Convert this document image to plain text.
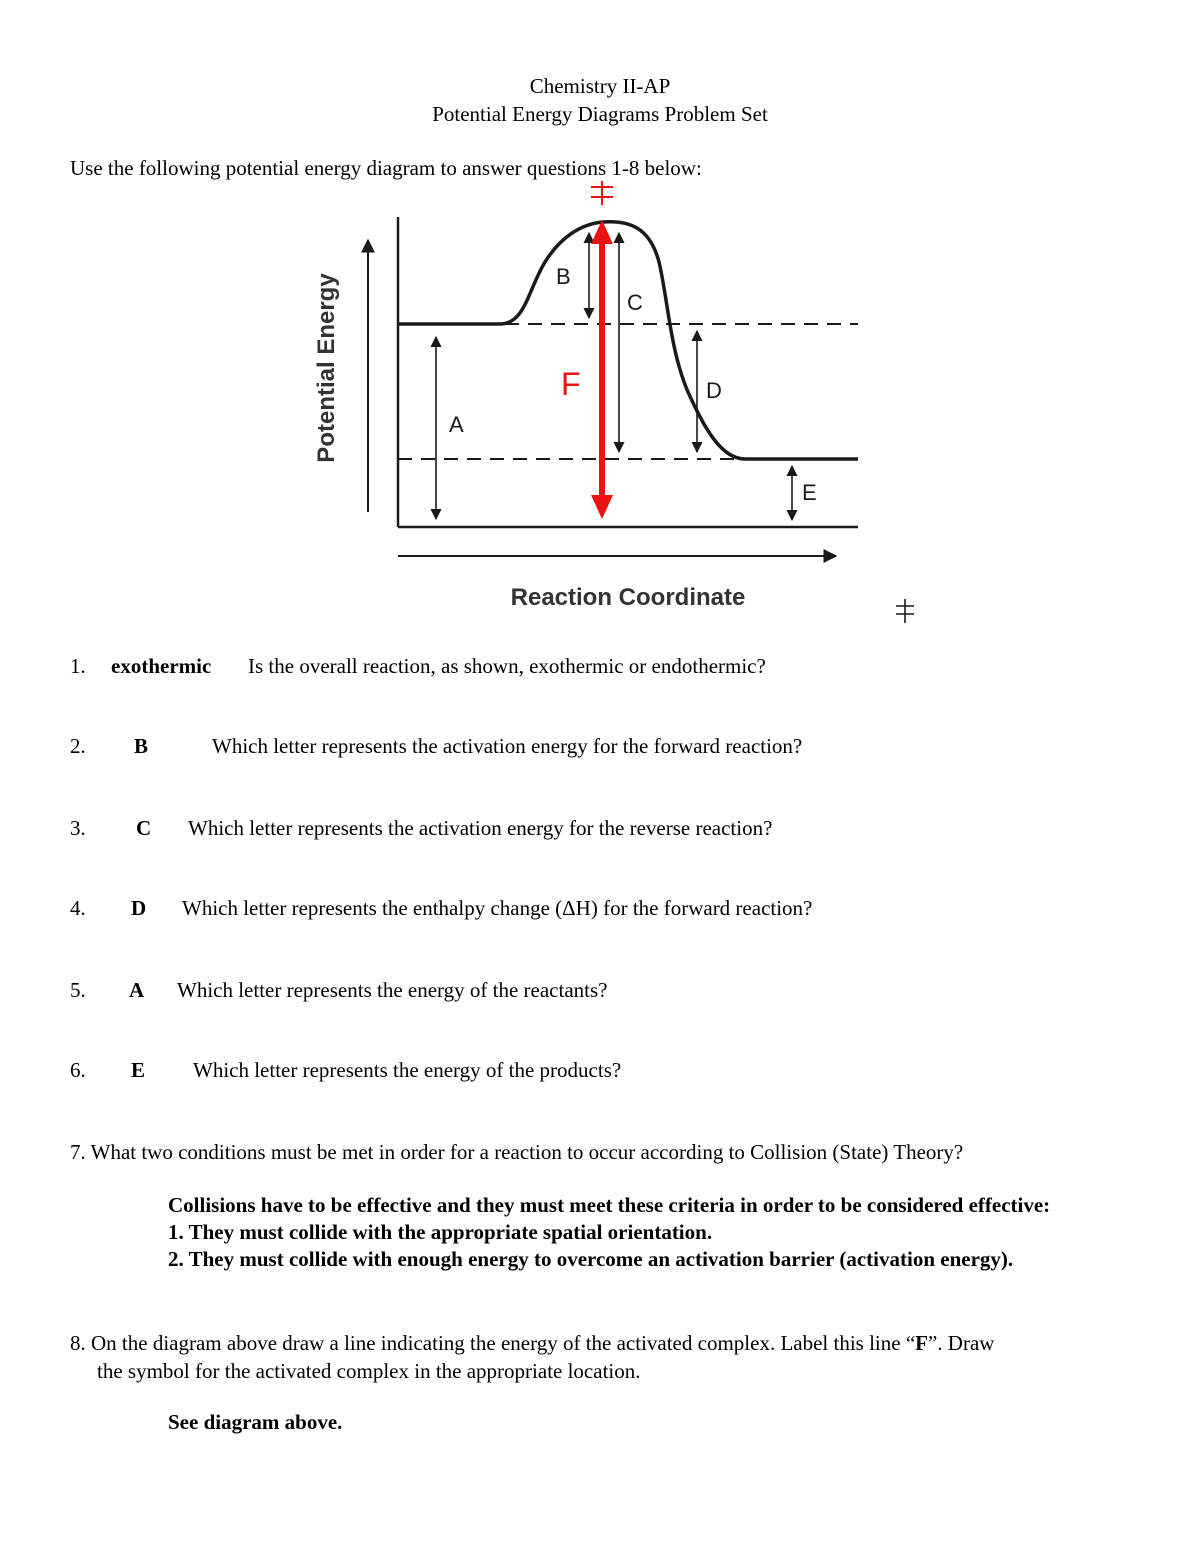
Chemistry II-AP
Potential Energy Diagrams Problem Set
Use the following potential energy diagram to answer questions 1-8 below:
A
B
C
D
E
F
Potential Energy
Reaction Coordinate
1. exothermic Is the overall reaction, as shown, exothermic or endothermic?
2. B	Which letter represents the activation energy for the forward reaction?
3. C Which letter represents the activation energy for the reverse reaction?
4. D Which letter represents the enthalpy change (ΔH) for the forward reaction?
5. A Which letter represents the energy of the reactants?
6. E Which letter represents the energy of the products?
7. What two conditions must be met in order for a reaction to occur according to Collision (State) Theory?
Collisions have to be effective and they must meet these criteria in order to be considered effective:
1. They must collide with the appropriate spatial orientation.
2. They must collide with enough energy to overcome an activation barrier (activation energy).
8. On the diagram above draw a line indicating the energy of the activated complex. Label this line “F”. Draw
the symbol for the activated complex in the appropriate location.
See diagram above.
